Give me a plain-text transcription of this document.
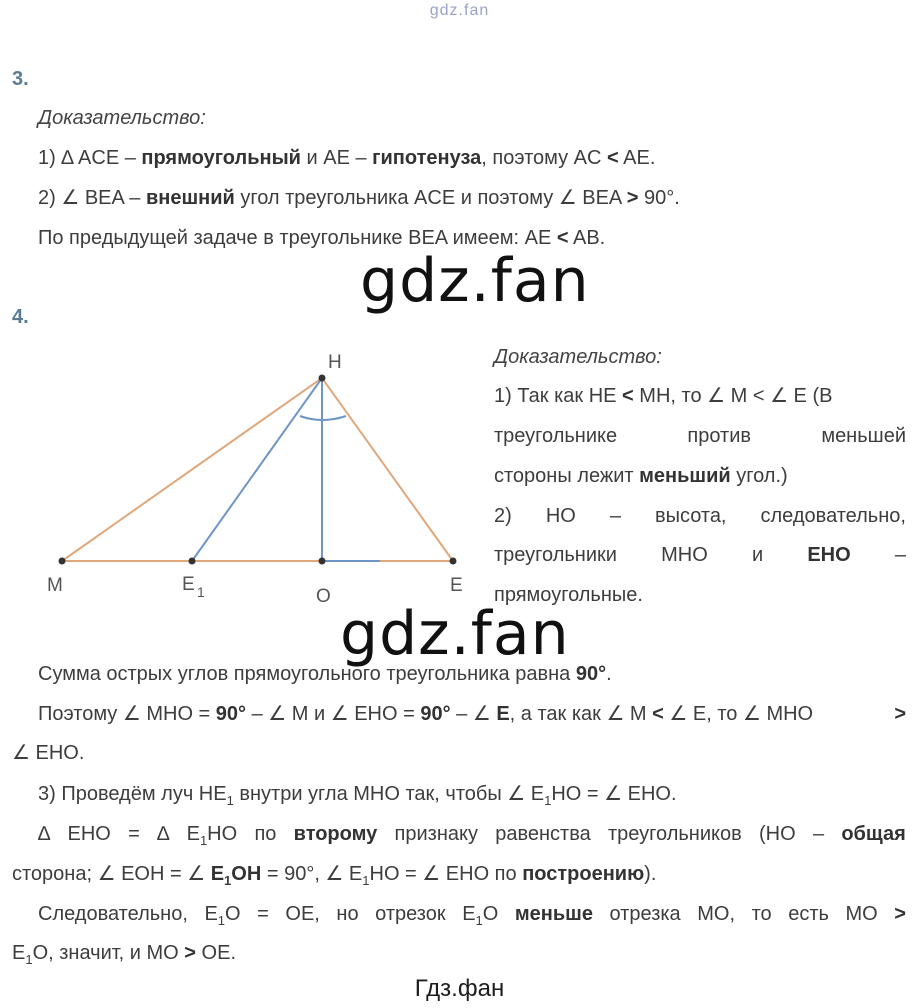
gdz.fan
3.
Доказательство:
1) ∆ ACE – прямоугольный и AE – гипотенуза, поэтому AC < AE.
2) ∠ BEA – внешний угол треугольника ACE и поэтому ∠ BEA > 90°.
По предыдущей задаче в треугольнике BEA имеем: AE < AB.
gdz.fan
4.
H
M	E 1	O
E
Доказательство:
1) Так как HE < MH, то ∠ M < ∠ E (В
треугольнике	против	меньшей
стороны лежит меньший угол.)
2) HO – высота, следовательно,
треугольники MHO и EHO –
прямоугольные.
gdz.fan
Сумма острых углов прямоугольного треугольника равна 90°.
Поэтому ∠ MHO = 90° – ∠ M и ∠ EHO = 90° – ∠ E, а так как ∠ M < ∠ E, то ∠ MHO	>
∠ EHO.
3) Проведём луч $HE_1$ внутри угла MHO так, чтобы ∠ $E_1HO$ = ∠ EHO.
∆ EHO = ∆ $E_1HO$ по второму признаку равенства треугольников (HO – общая
сторона; ∠ EOH = ∠ $E_1OH = 90^\circ$, ∠ $E_1HO$ = ∠ EHO по построению).
Следовательно, $E_1O$ = OE, но отрезок $E_1O$ меньше отрезка MO, то есть MO >
$E_1O$, значит, и MO > OE.
Гдз.фан
